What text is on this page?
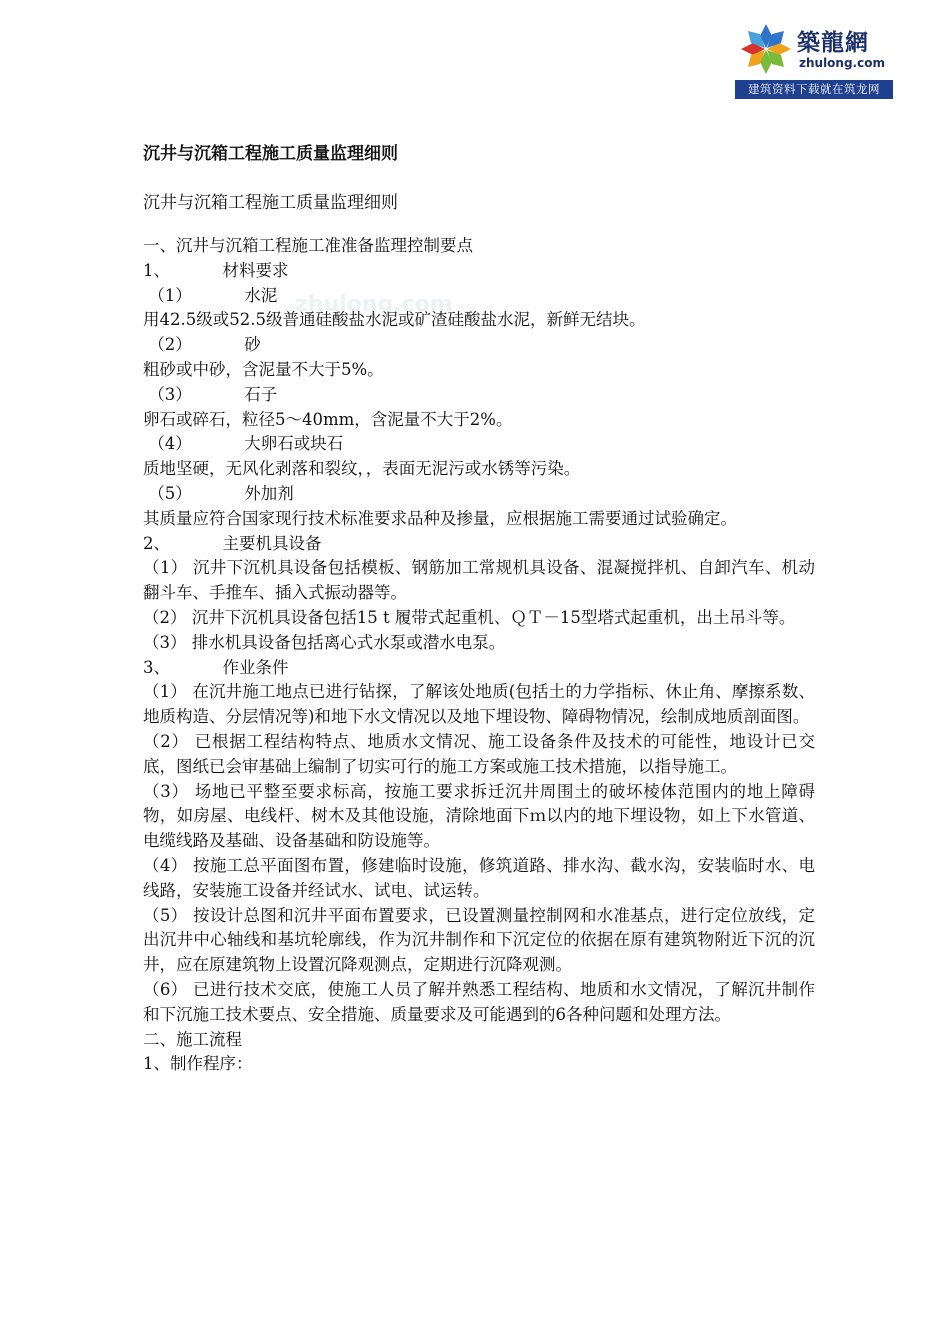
築龍網
zhulong.com
建筑资料下载就在筑龙网
zhulong.com
沉井与沉箱工程施工质量监理细则
沉井与沉箱工程施工质量监理细则
一、沉井与沉箱工程施工准准备监理控制要点
1、          材料要求
（1）          水泥
用42.5级或52.5级普通硅酸盐水泥或矿渣硅酸盐水泥，新鲜无结块。
（2）          砂
粗砂或中砂，含泥量不大于5%。
（3）          石子
卵石或碎石，粒径5～40mm，含泥量不大于2%。
（4）          大卵石或块石
质地坚硬，无风化剥落和裂纹，，表面无泥污或水锈等污染。
（5）          外加剂
其质量应符合国家现行技术标准要求品种及掺量，应根据施工需要通过试验确定。
2、          主要机具设备
（1） 沉井下沉机具设备包括模板、钢筋加工常规机具设备、混凝搅拌机、自卸汽车、机动翻斗车、手推车、插入式振动器等。
（2） 沉井下沉机具设备包括15 t 履带式起重机、ＱＴ－15型塔式起重机，出土吊斗等。
（3） 排水机具设备包括离心式水泵或潜水电泵。
3、          作业条件
（1） 在沉井施工地点已进行钻探，了解该处地质(包括土的力学指标、休止角、摩擦系数、地质构造、分层情况等)和地下水文情况以及地下埋设物、障碍物情况，绘制成地质剖面图。
（2） 已根据工程结构特点、地质水文情况、施工设备条件及技术的可能性，地设计已交底，图纸已会审基础上编制了切实可行的施工方案或施工技术措施，以指导施工。
（3） 场地已平整至要求标高，按施工要求拆迁沉井周围土的破坏棱体范围内的地上障碍物，如房屋、电线杆、树木及其他设施，清除地面下ｍ以内的地下埋设物，如上下水管道、电缆线路及基础、设备基础和防设施等。
（4） 按施工总平面图布置，修建临时设施，修筑道路、排水沟、截水沟，安装临时水、电线路，安装施工设备并经试水、试电、试运转。
（5） 按设计总图和沉井平面布置要求，已设置测量控制网和水准基点，进行定位放线，定出沉井中心轴线和基坑轮廓线，作为沉井制作和下沉定位的依据在原有建筑物附近下沉的沉井，应在原建筑物上设置沉降观测点，定期进行沉降观测。
（6） 已进行技术交底，使施工人员了解并熟悉工程结构、地质和水文情况，了解沉井制作和下沉施工技术要点、安全措施、质量要求及可能遇到的6各种问题和处理方法。
二、施工流程
1、制作程序：
